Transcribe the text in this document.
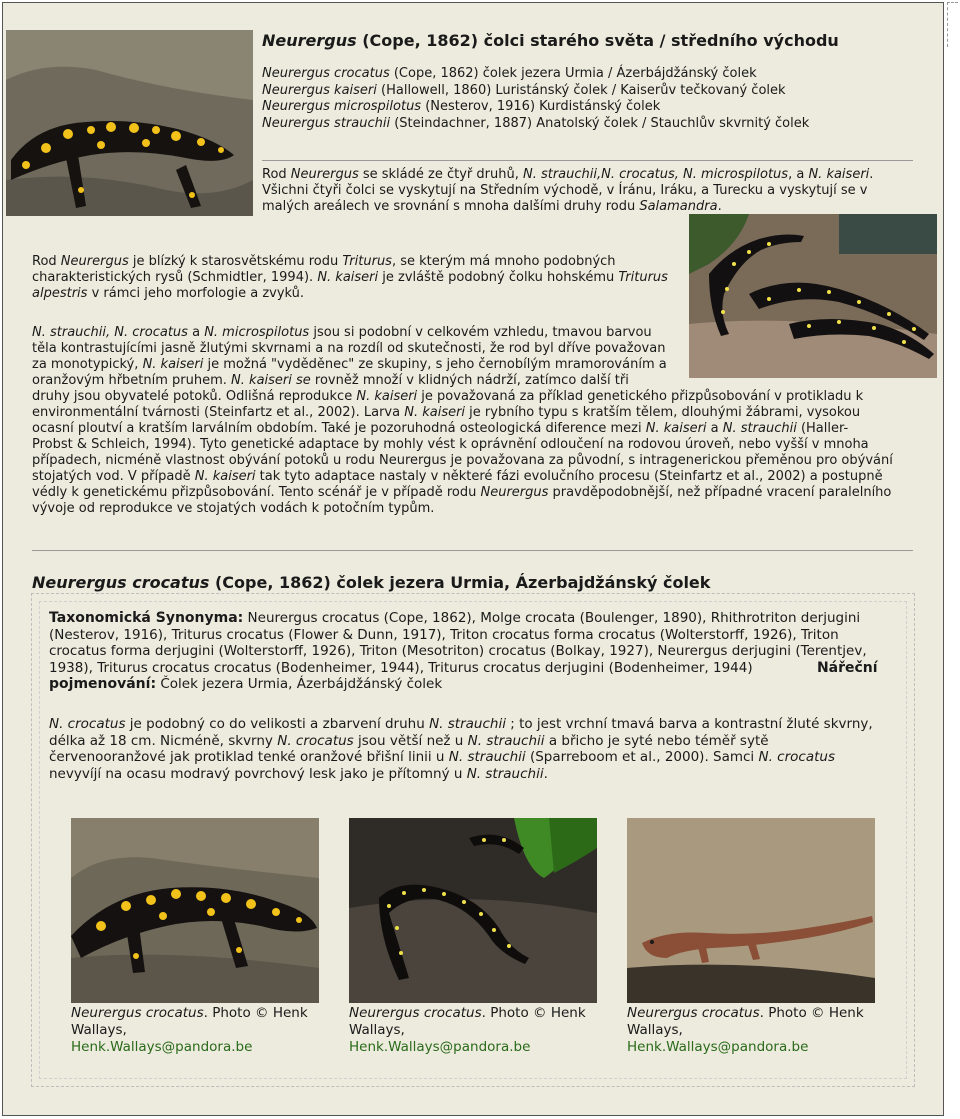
Neurergus (Cope, 1862) čolci starého světa / středního východu
Neurergus crocatus (Cope, 1862) čolek jezera Urmia / Ázerbájdžánský čolek
Neurergus kaiseri (Hallowell, 1860) Luristánský čolek / Kaiserův tečkovaný čolek
Neurergus microspilotus (Nesterov, 1916) Kurdistánský čolek
Neurergus strauchii (Steindachner, 1887) Anatolský čolek / Stauchlův skvrnitý čolek
Rod Neurergus se skládé ze čtyř druhů, N. strauchii,N. crocatus, N. microspilotus, a N. kaiseri. Všichni čtyři čolci se vyskytují na Středním východě, v Íránu, Iráku, a Turecku a vyskytují se v malých areálech ve srovnání s mnoha dalšími druhy rodu Salamandra.
Rod Neurergus je blízký k starosvětskému rodu Triturus, se kterým má mnoho podobných charakteristických rysů (Schmidtler, 1994). N. kaiseri je zvláště podobný čolku hohskému Triturus alpestris v rámci jeho morfologie a zvyků.
N. strauchii, N. crocatus a N. microspilotus jsou si podobní v celkovém vzhledu, tmavou barvou
těla kontrastujícími jasně žlutými skvrnami a na rozdíl od skutečnosti, že rod byl dříve považovan
za monotypický, N. kaiseri je možná "vyděděnec" ze skupiny, s jeho černobílým mramorováním a
oranžovým hřbetním pruhem. N. kaiseri se rovněž množí v klidných nádrží, zatímco další tři
druhy jsou obyvatelé potoků. Odlišná reprodukce N. kaiseri je považovaná za příklad genetického přizpůsobování v protikladu k
environmentální tvárnosti (Steinfartz et al., 2002). Larva N. kaiseri je rybního typu s kratším tělem, dlouhými žábrami, vysokou
ocasní ploutví a kratším larválním obdobím. Také je pozoruhodná osteologická diference mezi N. kaiseri a N. strauchii (Haller-
Probst & Schleich, 1994). Tyto genetické adaptace by mohly vést k oprávnění odloučení na rodovou úroveň, nebo vyšší v mnoha
případech, nicméně vlastnost obývání potoků u rodu Neurergus je považovana za původní, s intragenerickou přeměnou pro obývání
stojatých vod. V případě N. kaiseri tak tyto adaptace nastaly v některé fázi evolučního procesu (Steinfartz et al., 2002) a postupně
védly k genetickému přizpůsobování. Tento scénář je v případě rodu Neurergus pravděpodobnější, než případné vracení paralelního
vývoje od reprodukce ve stojatých vodách k potočním typům.
Neurergus crocatus (Cope, 1862) čolek jezera Urmia, Ázerbajdžánský čolek
Taxonomická Synonyma: Neurergus crocatus (Cope, 1862), Molge crocata (Boulenger, 1890), Rhithrotriton derjugini (Nesterov, 1916), Triturus crocatus (Flower & Dunn, 1917), Triton crocatus forma crocatus (Wolterstorff, 1926), Triton crocatus forma derjugini (Wolterstorff, 1926), Triton (Mesotriton) crocatus (Bolkay, 1927), Neurergus derjugini (Terentjev, 1938), Triturus crocatus crocatus (Bodenheimer, 1944), Triturus crocatus derjugini (Bodenheimer, 1944)	Nářeční pojmenování: Čolek jezera Urmia, Ázerbájdžánský čolek
N. crocatus je podobný co do velikosti a zbarvení druhu N. strauchii ; to jest vrchní tmavá barva a kontrastní žluté skvrny, délka až 18 cm. Nicméně, skvrny N. crocatus jsou větší než u N. strauchii a břicho je syté nebo téměř sytě červenooranžové jak protiklad tenké oranžové břišní linii u N. strauchii (Sparreboom et al., 2000). Samci N. crocatus nevyvíjí na ocasu modravý povrchový lesk jako je přítomný u N. strauchii.
Neurergus crocatus. Photo © Henk Wallays,
Henk.Wallays@pandora.be
Neurergus crocatus. Photo © Henk Wallays,
Henk.Wallays@pandora.be
Neurergus crocatus. Photo © Henk Wallays,
Henk.Wallays@pandora.be
